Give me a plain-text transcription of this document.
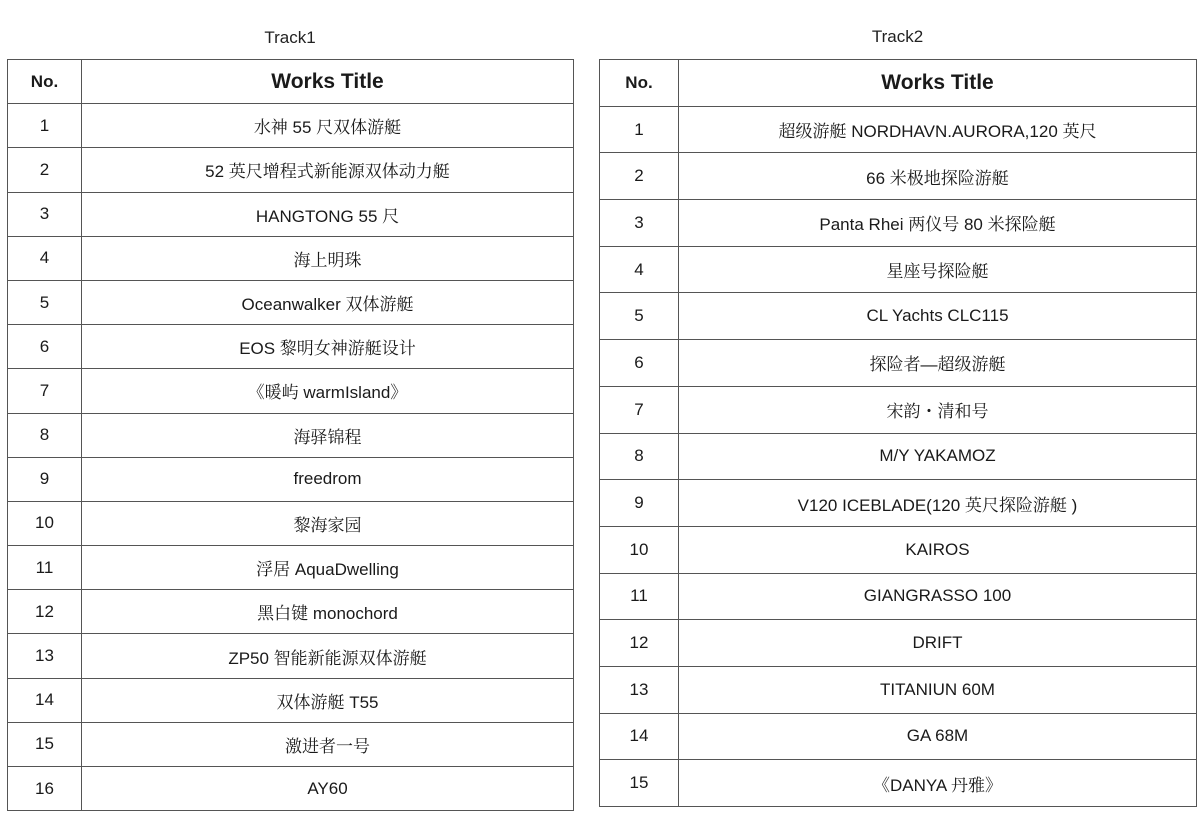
Track1
No.	Works Title
1	水神 55 尺双体游艇
2	52 英尺增程式新能源双体动力艇
3	HANGTONG 55 尺
4	海上明珠
5	Oceanwalker 双体游艇
6	EOS 黎明女神游艇设计
7	《暖屿 warmIsland》
8	海驿锦程
9	freedrom
10	黎海家园
11	浮居 AquaDwelling
12	黑白键 monochord
13	ZP50 智能新能源双体游艇
14	双体游艇 T55
15	激进者一号
16	AY60
Track2
No.	Works Title
1	超级游艇 NORDHAVN.AURORA,120 英尺
2	66 米极地探险游艇
3	Panta Rhei 两仪号 80 米探险艇
4	星座号探险艇
5	CL Yachts CLC115
6	探险者—超级游艇
7	宋韵・清和号
8	M/Y YAKAMOZ
9	V120 ICEBLADE(120 英尺探险游艇 )
10	KAIROS
11	GIANGRASSO 100
12	DRIFT
13	TITANIUN 60M
14	GA 68M
15	《DANYA 丹雅》
